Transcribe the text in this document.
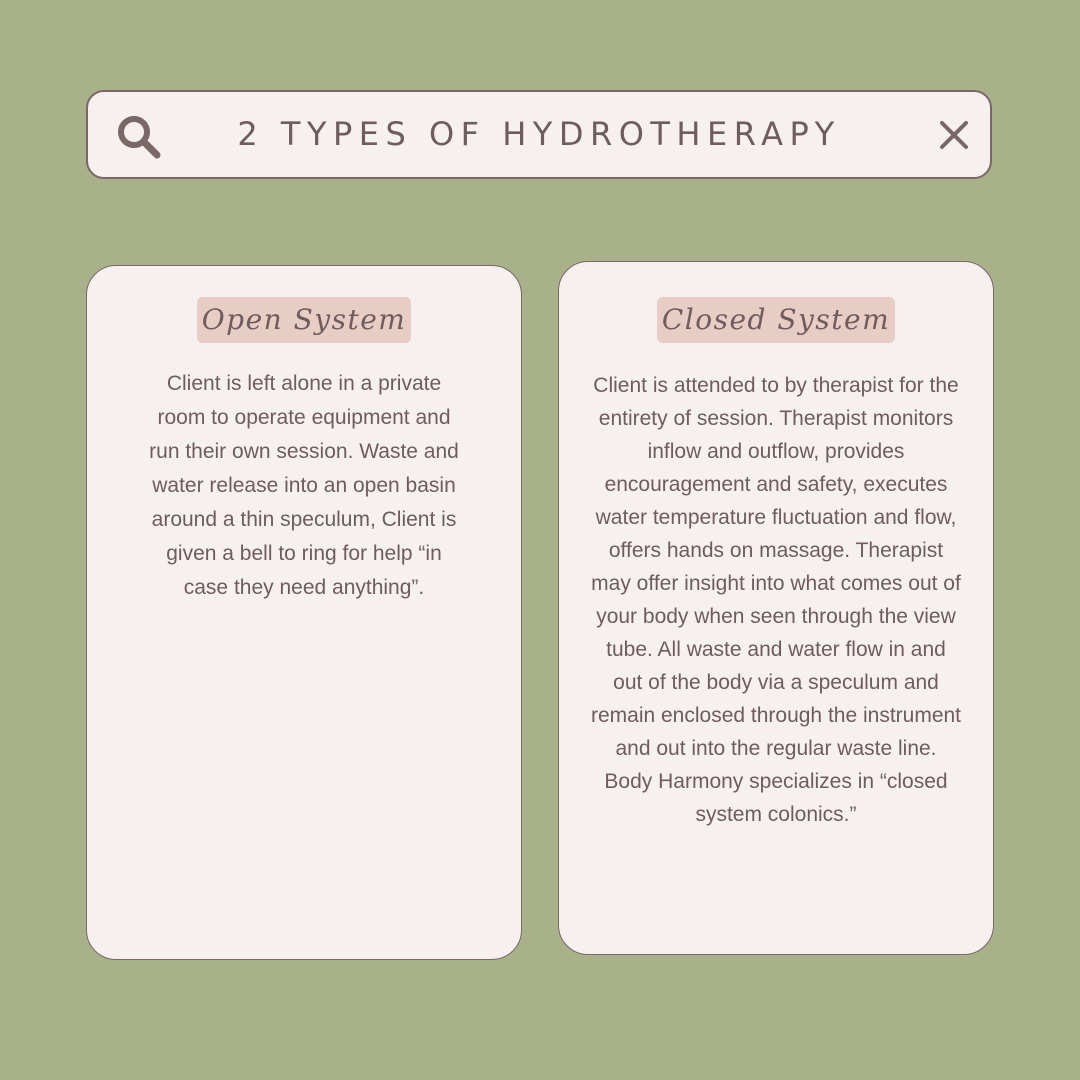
2 TYPES OF HYDROTHERAPY
Open System

Client is left alone in a private room to operate equipment and run their own session. Waste and water release into an open basin around a thin speculum, Client is given a bell to ring for help “in case they need anything”.

Closed System

Client is attended to by therapist for the entirety of session. Therapist monitors inflow and outflow, provides encouragement and safety, executes water temperature fluctuation and flow, offers hands on massage. Therapist may offer insight into what comes out of your body when seen through the view tube. All waste and water flow in and out of the body via a speculum and remain enclosed through the instrument and out into the regular waste line. Body Harmony specializes in “closed system colonics.”
